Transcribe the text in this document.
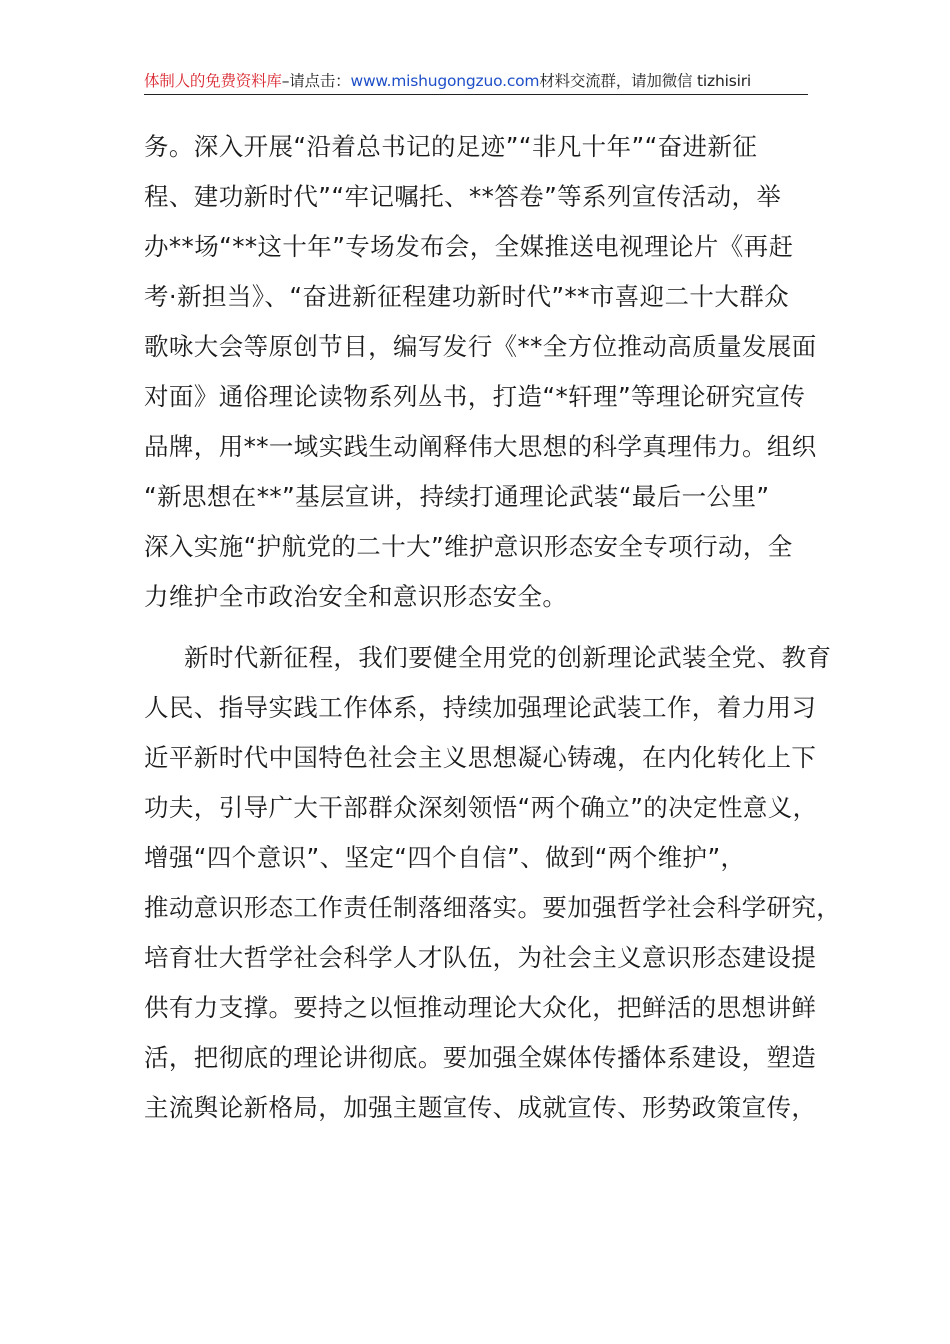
体制人的免费资料库–请点击：www.mishugongzuo.com材料交流群，请加微信 tizhisiri
务。深入开展“沿着总书记的足迹”“非凡十年”“奋进新征
程、建功新时代”“牢记嘱托、**答卷”等系列宣传活动，举
办**场“**这十年”专场发布会，全媒推送电视理论片《再赶
考·新担当》、“奋进新征程建功新时代”**市喜迎二十大群众
歌咏大会等原创节目，编写发行《**全方位推动高质量发展面
对面》通俗理论读物系列丛书，打造“*轩理”等理论研究宣传
品牌，用**一域实践生动阐释伟大思想的科学真理伟力。组织
“新思想在**”基层宣讲，持续打通理论武装“最后一公里”
深入实施“护航党的二十大”维护意识形态安全专项行动，全
力维护全市政治安全和意识形态安全。
新时代新征程，我们要健全用党的创新理论武装全党、教育
人民、指导实践工作体系，持续加强理论武装工作，着力用习
近平新时代中国特色社会主义思想凝心铸魂，在内化转化上下
功夫，引导广大干部群众深刻领悟“两个确立”的决定性意义，
增强“四个意识”、坚定“四个自信”、做到“两个维护”，
推动意识形态工作责任制落细落实。要加强哲学社会科学研究，
培育壮大哲学社会科学人才队伍，为社会主义意识形态建设提
供有力支撑。要持之以恒推动理论大众化，把鲜活的思想讲鲜
活，把彻底的理论讲彻底。要加强全媒体传播体系建设，塑造
主流舆论新格局，加强主题宣传、成就宣传、形势政策宣传，
